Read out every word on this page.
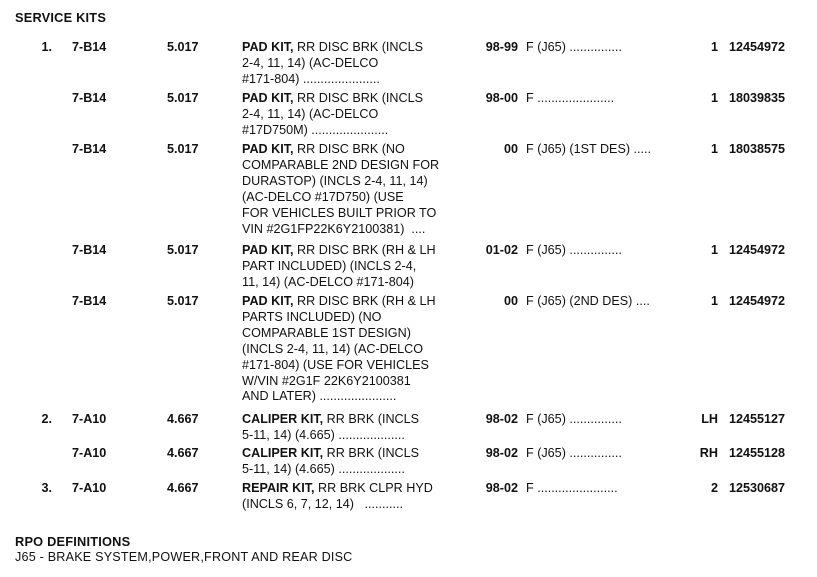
SERVICE KITS
1. 7-B14	5.017	PAD KIT, RR DISC BRK (INCLS
2-4, 11, 14) (AC-DELCO
#171-804) ......................
98-99 F (J65) ...............	1 12454972
7-B14	5.017	PAD KIT, RR DISC BRK (INCLS
2-4, 11, 14) (AC-DELCO
#17D750M) ......................
98-00 F ......................	1 18039835
7-B14	5.017	PAD KIT, RR DISC BRK (NO
COMPARABLE 2ND DESIGN FOR
DURASTOP) (INCLS 2-4, 11, 14)
(AC-DELCO #17D750) (USE
FOR VEHICLES BUILT PRIOR TO
VIN #2G1FP22K6Y2100381)  ....
00 F (J65) (1ST DES) .....	1 18038575
7-B14	5.017	PAD KIT, RR DISC BRK (RH & LH
PART INCLUDED) (INCLS 2-4,
11, 14) (AC-DELCO #171-804)
01-02 F (J65) ...............	1 12454972
7-B14	5.017	PAD KIT, RR DISC BRK (RH & LH
PARTS INCLUDED) (NO
COMPARABLE 1ST DESIGN)
(INCLS 2-4, 11, 14) (AC-DELCO
#171-804) (USE FOR VEHICLES
W/VIN #2G1F 22K6Y2100381
AND LATER) ......................
00 F (J65) (2ND DES) ....	1 12454972
2. 7-A10	4.667	CALIPER KIT, RR BRK (INCLS
5-11, 14) (4.665) ...................
98-02 F (J65) ...............	LH 12455127
7-A10	4.667	CALIPER KIT, RR BRK (INCLS
5-11, 14) (4.665) ...................
98-02 F (J65) ...............	RH 12455128
3. 7-A10	4.667	REPAIR KIT, RR BRK CLPR HYD
(INCLS 6, 7, 12, 14)   ...........
98-02 F .......................	2 12530687
RPO DEFINITIONS
J65 - BRAKE SYSTEM,POWER,FRONT AND REAR DISC
